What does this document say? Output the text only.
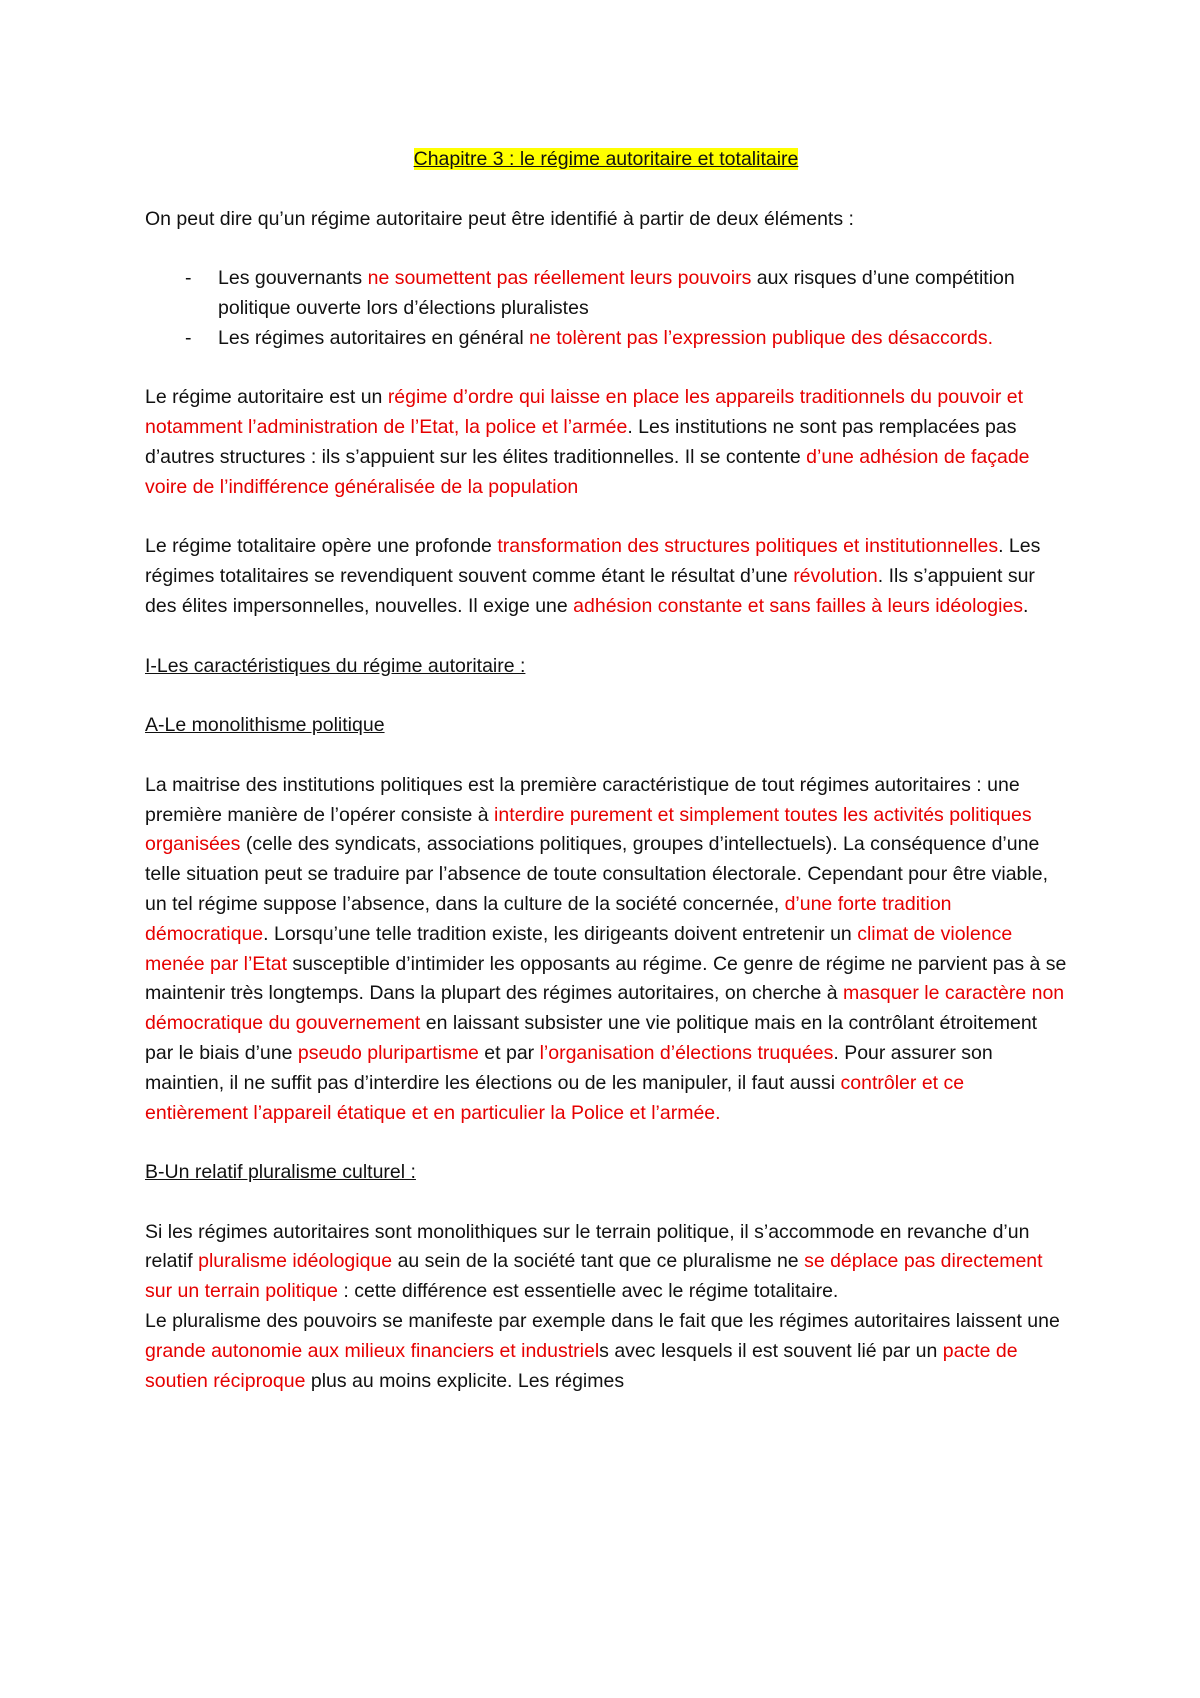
Chapitre 3 : le régime autoritaire et totalitaire

On peut dire qu’un régime autoritaire peut être identifié à partir de deux éléments :

- Les gouvernants ne soumettent pas réellement leurs pouvoirs aux risques d’une compétition politique ouverte lors d’élections pluralistes
- Les régimes autoritaires en général ne tolèrent pas l’expression publique des désaccords.

Le régime autoritaire est un régime d’ordre qui laisse en place les appareils traditionnels du pouvoir et notamment l’administration de l’Etat, la police et l’armée. Les institutions ne sont pas remplacées pas d’autres structures : ils s’appuient sur les élites traditionnelles. Il se contente d’une adhésion de façade voire de l’indifférence généralisée de la population

Le régime totalitaire opère une profonde transformation des structures politiques et institutionnelles. Les régimes totalitaires se revendiquent souvent comme étant le résultat d’une révolution. Ils s’appuient sur des élites impersonnelles, nouvelles. Il exige une adhésion constante et sans failles à leurs idéologies.

I-Les caractéristiques du régime autoritaire :
A-Le monolithisme politique

La maitrise des institutions politiques est la première caractéristique de tout régimes autoritaires : une première manière de l’opérer consiste à interdire purement et simplement toutes les activités politiques organisées (celle des syndicats, associations politiques, groupes d’intellectuels). La conséquence d’une telle situation peut se traduire par l’absence de toute consultation électorale. Cependant pour être viable, un tel régime suppose l’absence, dans la culture de la société concernée, d’une forte tradition démocratique. Lorsqu’une telle tradition existe, les dirigeants doivent entretenir un climat de violence menée par l’Etat susceptible d’intimider les opposants au régime. Ce genre de régime ne parvient pas à se maintenir très longtemps. Dans la plupart des régimes autoritaires, on cherche à masquer le caractère non démocratique du gouvernement en laissant subsister une vie politique mais en la contrôlant étroitement par le biais d’une pseudo pluripartisme et par l’organisation d’élections truquées. Pour assurer son maintien, il ne suffit pas d’interdire les élections ou de les manipuler, il faut aussi contrôler et ce entièrement l’appareil étatique et en particulier la Police et l’armée.

B-Un relatif pluralisme culturel :

Si les régimes autoritaires sont monolithiques sur le terrain politique, il s’accommode en revanche d’un relatif pluralisme idéologique au sein de la société tant que ce pluralisme ne se déplace pas directement sur un terrain politique : cette différence est essentielle avec le régime totalitaire.

Le pluralisme des pouvoirs se manifeste par exemple dans le fait que les régimes autoritaires laissent une grande autonomie aux milieux financiers et industriels avec lesquels il est souvent lié par un pacte de soutien réciproque plus au moins explicite. Les régimes
